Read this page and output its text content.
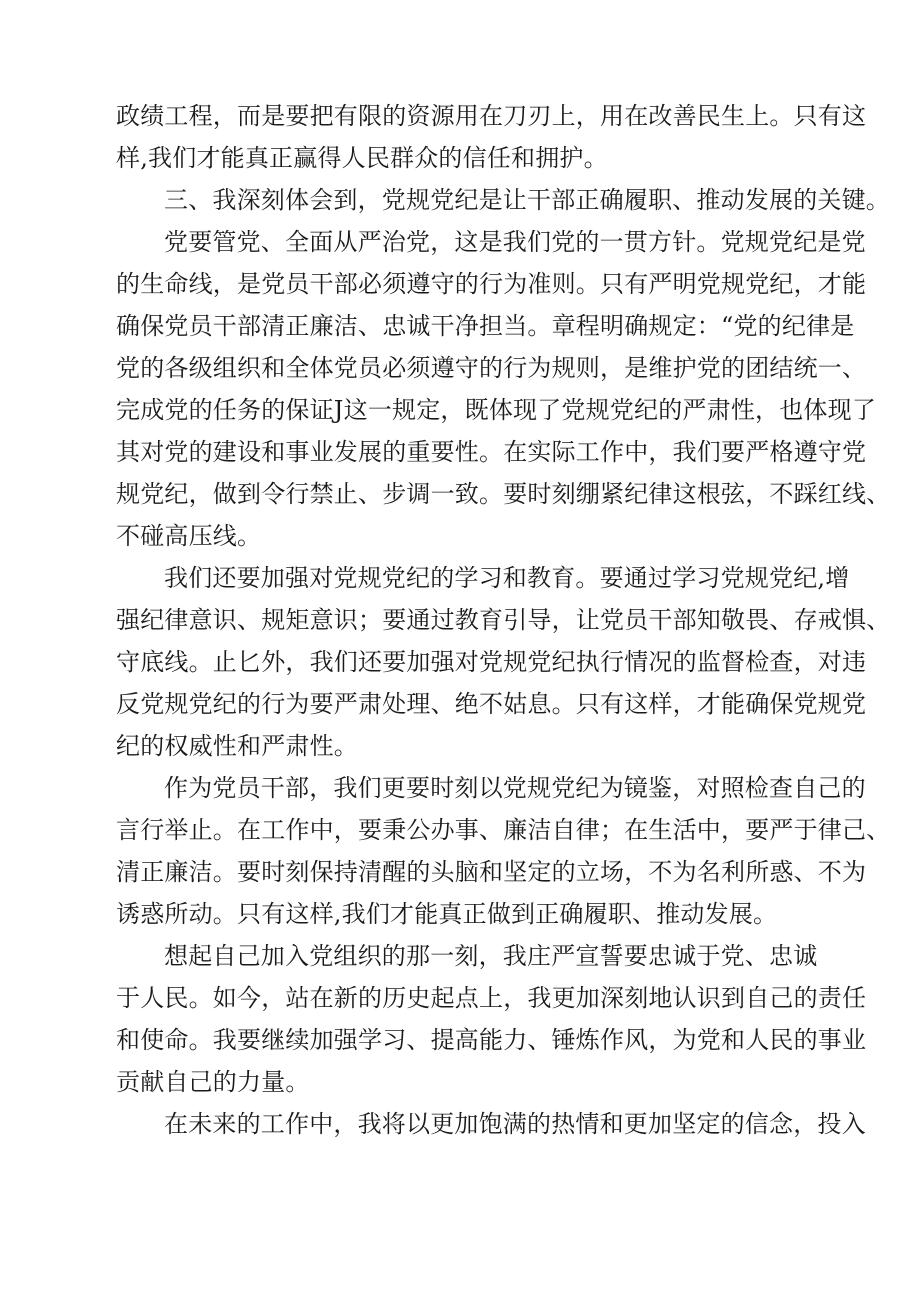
政绩工程，而是要把有限的资源用在刀刃上，用在改善民生上。只有这
样,我们才能真正赢得人民群众的信任和拥护。
三、我深刻体会到，党规党纪是让干部正确履职、推动发展的关键。
党要管党、全面从严治党，这是我们党的一贯方针。党规党纪是党
的生命线，是党员干部必须遵守的行为准则。只有严明党规党纪，才能
确保党员干部清正廉洁、忠诚干净担当。章程明确规定：“党的纪律是
党的各级组织和全体党员必须遵守的行为规则，是维护党的团结统一、
完成党的任务的保证J这一规定，既体现了党规党纪的严肃性，也体现了
其对党的建设和事业发展的重要性。在实际工作中，我们要严格遵守党
规党纪，做到令行禁止、步调一致。要时刻绷紧纪律这根弦，不踩红线、
不碰高压线。
我们还要加强对党规党纪的学习和教育。要通过学习党规党纪,增
强纪律意识、规矩意识；要通过教育引导，让党员干部知敬畏、存戒惧、
守底线。止匕外，我们还要加强对党规党纪执行情况的监督检查，对违
反党规党纪的行为要严肃处理、绝不姑息。只有这样，才能确保党规党
纪的权威性和严肃性。
作为党员干部，我们更要时刻以党规党纪为镜鉴，对照检查自己的
言行举止。在工作中，要秉公办事、廉洁自律；在生活中，要严于律己、
清正廉洁。要时刻保持清醒的头脑和坚定的立场，不为名利所惑、不为
诱惑所动。只有这样,我们才能真正做到正确履职、推动发展。
想起自己加入党组织的那一刻，我庄严宣誓要忠诚于党、忠诚
于人民。如今，站在新的历史起点上，我更加深刻地认识到自己的责任
和使命。我要继续加强学习、提高能力、锤炼作风，为党和人民的事业
贡献自己的力量。
在未来的工作中，我将以更加饱满的热情和更加坚定的信念，投入
